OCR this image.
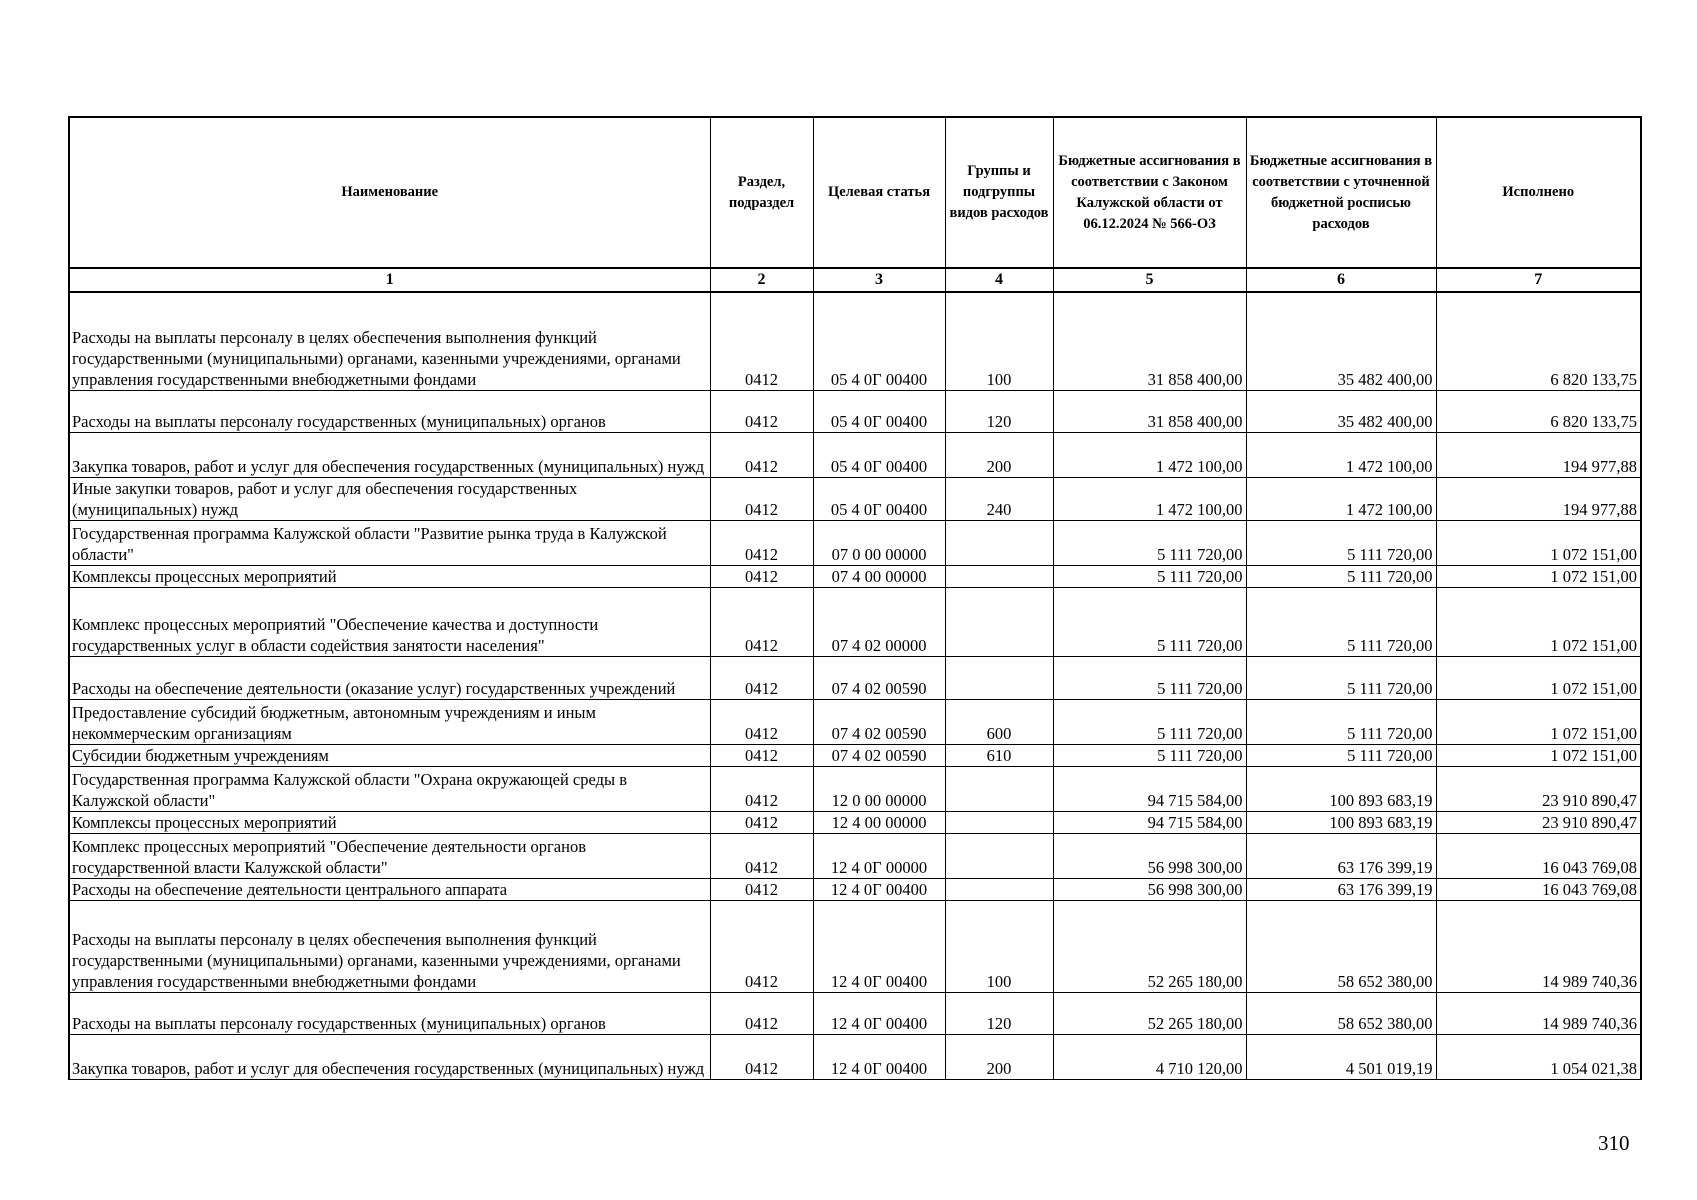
Наименование	Раздел, подраздел	Целевая статья	Группы и подгруппы видов расходов	Бюджетные ассигнования в соответствии с Законом Калужской области от 06.12.2024 № 566-ОЗ	Бюджетные ассигнования в соответствии с уточненной бюджетной росписью расходов	Исполнено
1	2	3	4	5	6	7
Расходы на выплаты персоналу в целях обеспечения выполнения функций государственными (муниципальными) органами, казенными учреждениями, органами управления государственными внебюджетными фондами	0412	05 4 0Г 00400	100	31 858 400,00	35 482 400,00	6 820 133,75
Расходы на выплаты персоналу государственных (муниципальных) органов	0412	05 4 0Г 00400	120	31 858 400,00	35 482 400,00	6 820 133,75
Закупка товаров, работ и услуг для обеспечения государственных (муниципальных) нужд	0412	05 4 0Г 00400	200	1 472 100,00	1 472 100,00	194 977,88
Иные закупки товаров, работ и услуг для обеспечения государственных (муниципальных) нужд	0412	05 4 0Г 00400	240	1 472 100,00	1 472 100,00	194 977,88
Государственная программа Калужской области "Развитие рынка труда в Калужской области"	0412	07 0 00 00000		5 111 720,00	5 111 720,00	1 072 151,00
Комплексы процессных мероприятий	0412	07 4 00 00000		5 111 720,00	5 111 720,00	1 072 151,00
Комплекс процессных мероприятий "Обеспечение качества и доступности государственных услуг в области содействия занятости населения"	0412	07 4 02 00000		5 111 720,00	5 111 720,00	1 072 151,00
Расходы на обеспечение деятельности (оказание услуг) государственных учреждений	0412	07 4 02 00590		5 111 720,00	5 111 720,00	1 072 151,00
Предоставление субсидий бюджетным, автономным учреждениям и иным некоммерческим организациям	0412	07 4 02 00590	600	5 111 720,00	5 111 720,00	1 072 151,00
Субсидии бюджетным учреждениям	0412	07 4 02 00590	610	5 111 720,00	5 111 720,00	1 072 151,00
Государственная программа Калужской области "Охрана окружающей среды в Калужской области"	0412	12 0 00 00000		94 715 584,00	100 893 683,19	23 910 890,47
Комплексы процессных мероприятий	0412	12 4 00 00000		94 715 584,00	100 893 683,19	23 910 890,47
Комплекс процессных мероприятий "Обеспечение деятельности органов государственной власти Калужской области"	0412	12 4 0Г 00000		56 998 300,00	63 176 399,19	16 043 769,08
Расходы на обеспечение деятельности центрального аппарата	0412	12 4 0Г 00400		56 998 300,00	63 176 399,19	16 043 769,08
Расходы на выплаты персоналу в целях обеспечения выполнения функций государственными (муниципальными) органами, казенными учреждениями, органами управления государственными внебюджетными фондами	0412	12 4 0Г 00400	100	52 265 180,00	58 652 380,00	14 989 740,36
Расходы на выплаты персоналу государственных (муниципальных) органов	0412	12 4 0Г 00400	120	52 265 180,00	58 652 380,00	14 989 740,36
Закупка товаров, работ и услуг для обеспечения государственных (муниципальных) нужд	0412	12 4 0Г 00400	200	4 710 120,00	4 501 019,19	1 054 021,38
310
